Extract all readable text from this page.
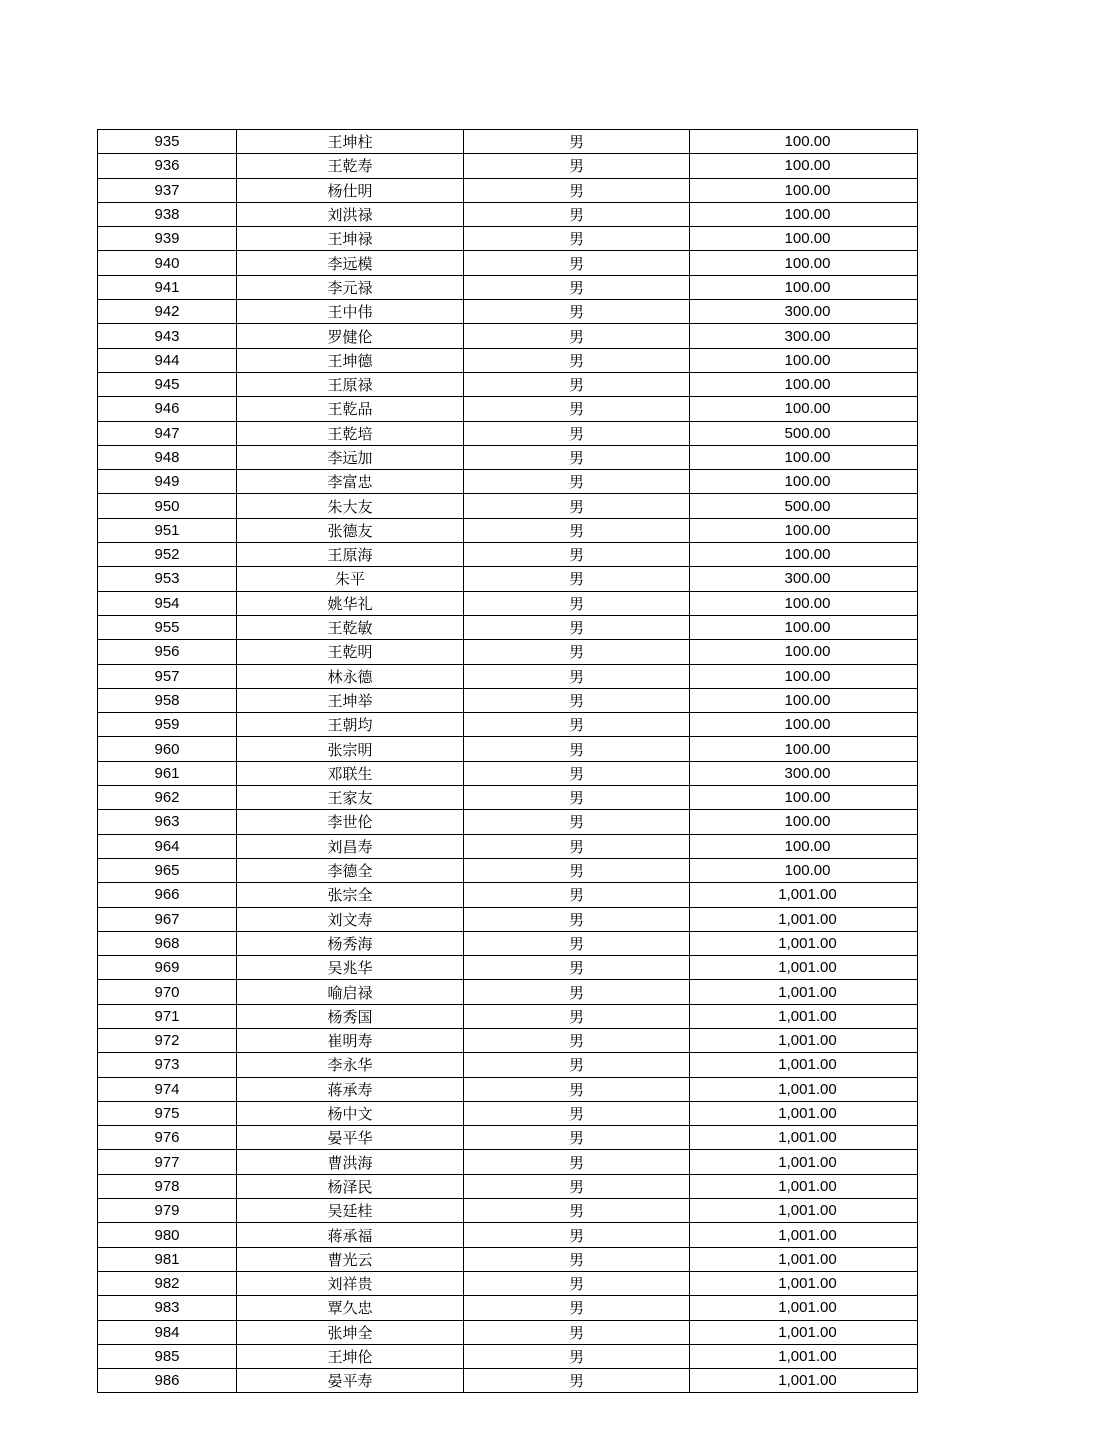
935	王坤柱	男	100.00
936	王乾寿	男	100.00
937	杨仕明	男	100.00
938	刘洪禄	男	100.00
939	王坤禄	男	100.00
940	李远模	男	100.00
941	李元禄	男	100.00
942	王中伟	男	300.00
943	罗健伦	男	300.00
944	王坤德	男	100.00
945	王原禄	男	100.00
946	王乾品	男	100.00
947	王乾培	男	500.00
948	李远加	男	100.00
949	李富忠	男	100.00
950	朱大友	男	500.00
951	张德友	男	100.00
952	王原海	男	100.00
953	朱平	男	300.00
954	姚华礼	男	100.00
955	王乾敏	男	100.00
956	王乾明	男	100.00
957	林永德	男	100.00
958	王坤举	男	100.00
959	王朝均	男	100.00
960	张宗明	男	100.00
961	邓联生	男	300.00
962	王家友	男	100.00
963	李世伦	男	100.00
964	刘昌寿	男	100.00
965	李德全	男	100.00
966	张宗全	男	1,001.00
967	刘文寿	男	1,001.00
968	杨秀海	男	1,001.00
969	吴兆华	男	1,001.00
970	喻启禄	男	1,001.00
971	杨秀国	男	1,001.00
972	崔明寿	男	1,001.00
973	李永华	男	1,001.00
974	蒋承寿	男	1,001.00
975	杨中文	男	1,001.00
976	晏平华	男	1,001.00
977	曹洪海	男	1,001.00
978	杨泽民	男	1,001.00
979	吴廷桂	男	1,001.00
980	蒋承福	男	1,001.00
981	曹光云	男	1,001.00
982	刘祥贵	男	1,001.00
983	覃久忠	男	1,001.00
984	张坤全	男	1,001.00
985	王坤伦	男	1,001.00
986	晏平寿	男	1,001.00
